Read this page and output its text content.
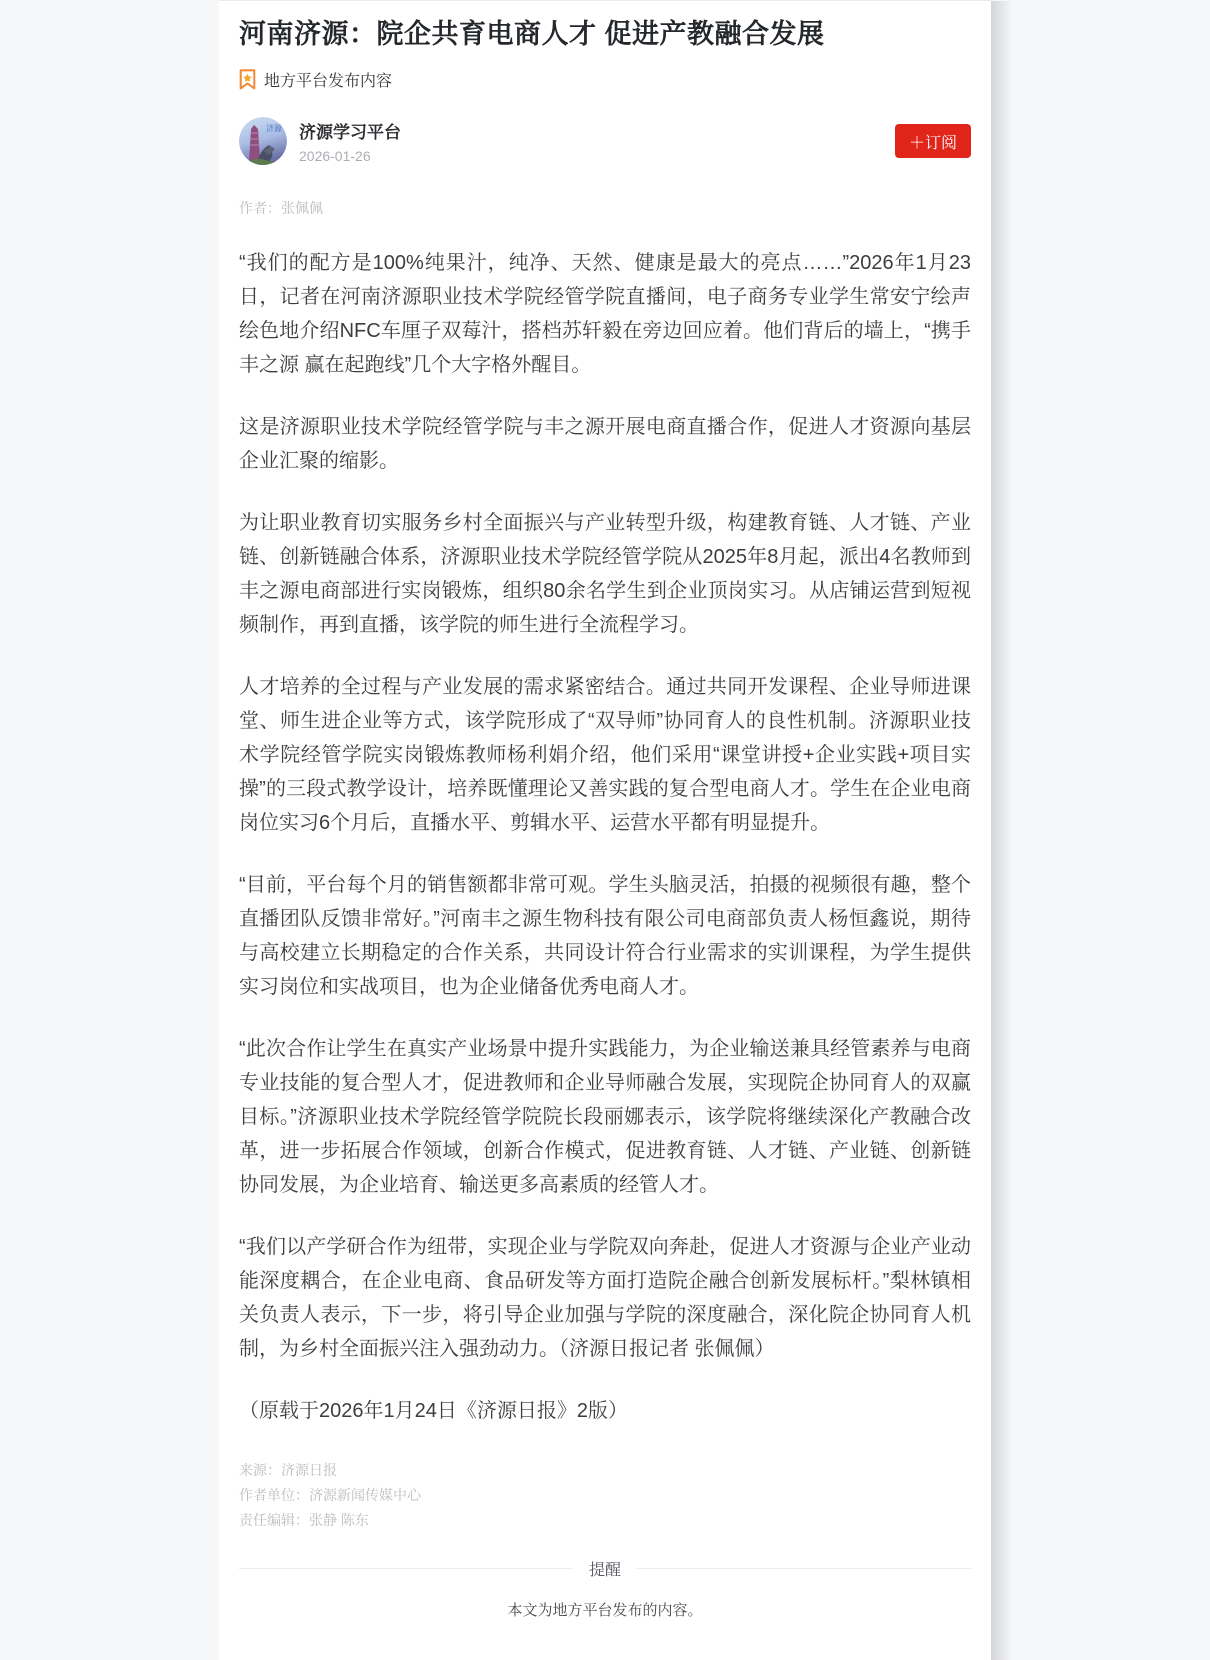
河南济源：院企共育电商人才 促进产教融合发展
地方平台发布内容
济源 济源学习平台
2026-01-26
＋订阅
作者：张佩佩

“我们的配方是100%纯果汁，纯净、天然、健康是最大的亮点……”2026年1月23日，记者在河南济源职业技术学院经管学院直播间，电子商务专业学生常安宁绘声绘色地介绍NFC车厘子双莓汁，搭档苏轩毅在旁边回应着。他们背后的墙上，“携手丰之源 赢在起跑线”几个大字格外醒目。

这是济源职业技术学院经管学院与丰之源开展电商直播合作，促进人才资源向基层企业汇聚的缩影。

为让职业教育切实服务乡村全面振兴与产业转型升级，构建教育链、人才链、产业链、创新链融合体系，济源职业技术学院经管学院从2025年8月起，派出4名教师到丰之源电商部进行实岗锻炼，组织80余名学生到企业顶岗实习。从店铺运营到短视频制作，再到直播，该学院的师生进行全流程学习。

人才培养的全过程与产业发展的需求紧密结合。通过共同开发课程、企业导师进课堂、师生进企业等方式，该学院形成了“双导师”协同育人的良性机制。济源职业技术学院经管学院实岗锻炼教师杨利娟介绍，他们采用“课堂讲授+企业实践+项目实操”的三段式教学设计，培养既懂理论又善实践的复合型电商人才。学生在企业电商岗位实习6个月后，直播水平、剪辑水平、运营水平都有明显提升。

“目前，平台每个月的销售额都非常可观。学生头脑灵活，拍摄的视频很有趣，整个直播团队反馈非常好。”河南丰之源生物科技有限公司电商部负责人杨恒鑫说，期待与高校建立长期稳定的合作关系，共同设计符合行业需求的实训课程，为学生提供实习岗位和实战项目，也为企业储备优秀电商人才。

“此次合作让学生在真实产业场景中提升实践能力，为企业输送兼具经管素养与电商专业技能的复合型人才，促进教师和企业导师融合发展，实现院企协同育人的双赢目标。”济源职业技术学院经管学院院长段丽娜表示，该学院将继续深化产教融合改革，进一步拓展合作领域，创新合作模式，促进教育链、人才链、产业链、创新链协同发展，为企业培育、输送更多高素质的经管人才。

“我们以产学研合作为纽带，实现企业与学院双向奔赴，促进人才资源与企业产业动能深度耦合，在企业电商、食品研发等方面打造院企融合创新发展标杆。”梨林镇相关负责人表示，下一步，将引导企业加强与学院的深度融合，深化院企协同育人机制，为乡村全面振兴注入强劲动力。（济源日报记者 张佩佩）

（原载于2026年1月24日《济源日报》2版）

来源：济源日报
作者单位：济源新闻传媒中心
责任编辑：张静 陈东
提醒
本文为地方平台发布的内容。
